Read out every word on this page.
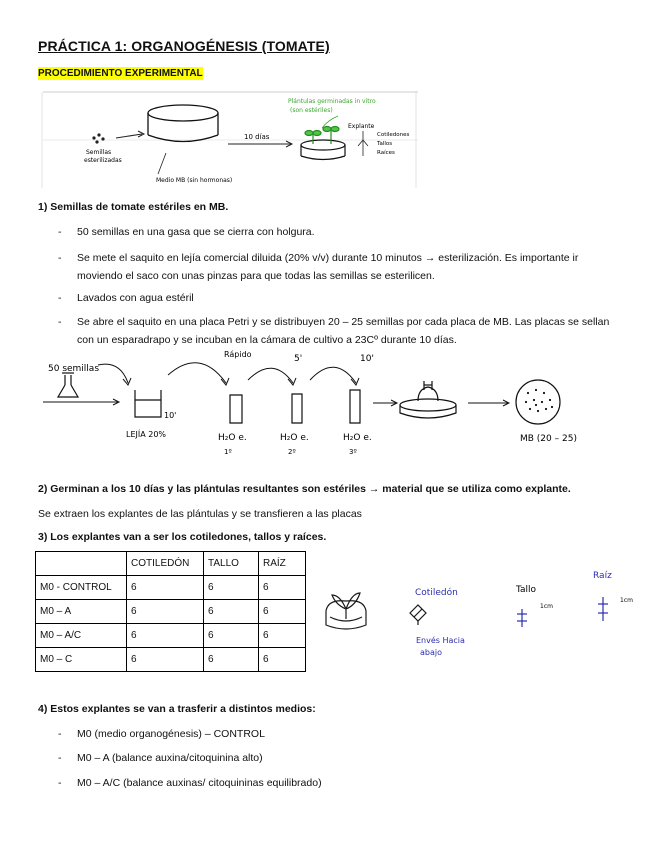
PRÁCTICA 1: ORGANOGÉNESIS (TOMATE)
PROCEDIMIENTO EXPERIMENTAL
Semillas
esterilizadas
Medio MB (sin hormonas)
10 días
Plántulas germinadas in vitro
(son estériles)
Explante
Cotiledones
Tallos
Raíces
1) Semillas de tomate estériles en MB.
- 50 semillas en una gasa que se cierra con holgura.
- Se mete el saquito en lejía comercial diluida (20% v/v) durante 10 minutos → esterilización. Es importante ir moviendo el saco con unas pinzas para que todas las semillas se esterilicen.
- Lavados con agua estéril
- Se abre el saquito en una placa Petri y se distribuyen 20 – 25 semillas por cada placa de MB. Las placas se sellan con un esparadrapo y se incuban en la cámara de cultivo a 23Cº durante 10 días.
50 semillas
10'
LEJÍA 20%
Rápido
H₂O e.
1º
5'
H₂O e.
2º
10'
H₂O e.
3º
MB (20 – 25)
2) Germinan a los 10 días y las plántulas resultantes son estériles → material que se utiliza como explante.
Se extraen los explantes de las plántulas y se transfieren a las placas
3) Los explantes van a ser los cotiledones, tallos y raíces.
	COTILEDÓN	TALLO	RAÍZ
M0 - CONTROL	6	6	6
M0 – A	6	6	6
M0 – A/C	6	6	6
M0 – C	6	6	6
Cotiledón
Envés Hacia
abajo
Tallo
1cm
Raíz
1cm
4) Estos explantes se van a trasferir a distintos medios:
- M0 (medio organogénesis) – CONTROL
- M0 – A (balance auxina/citoquinina alto)
- M0 – A/C (balance auxinas/ citoquininas equilibrado)
